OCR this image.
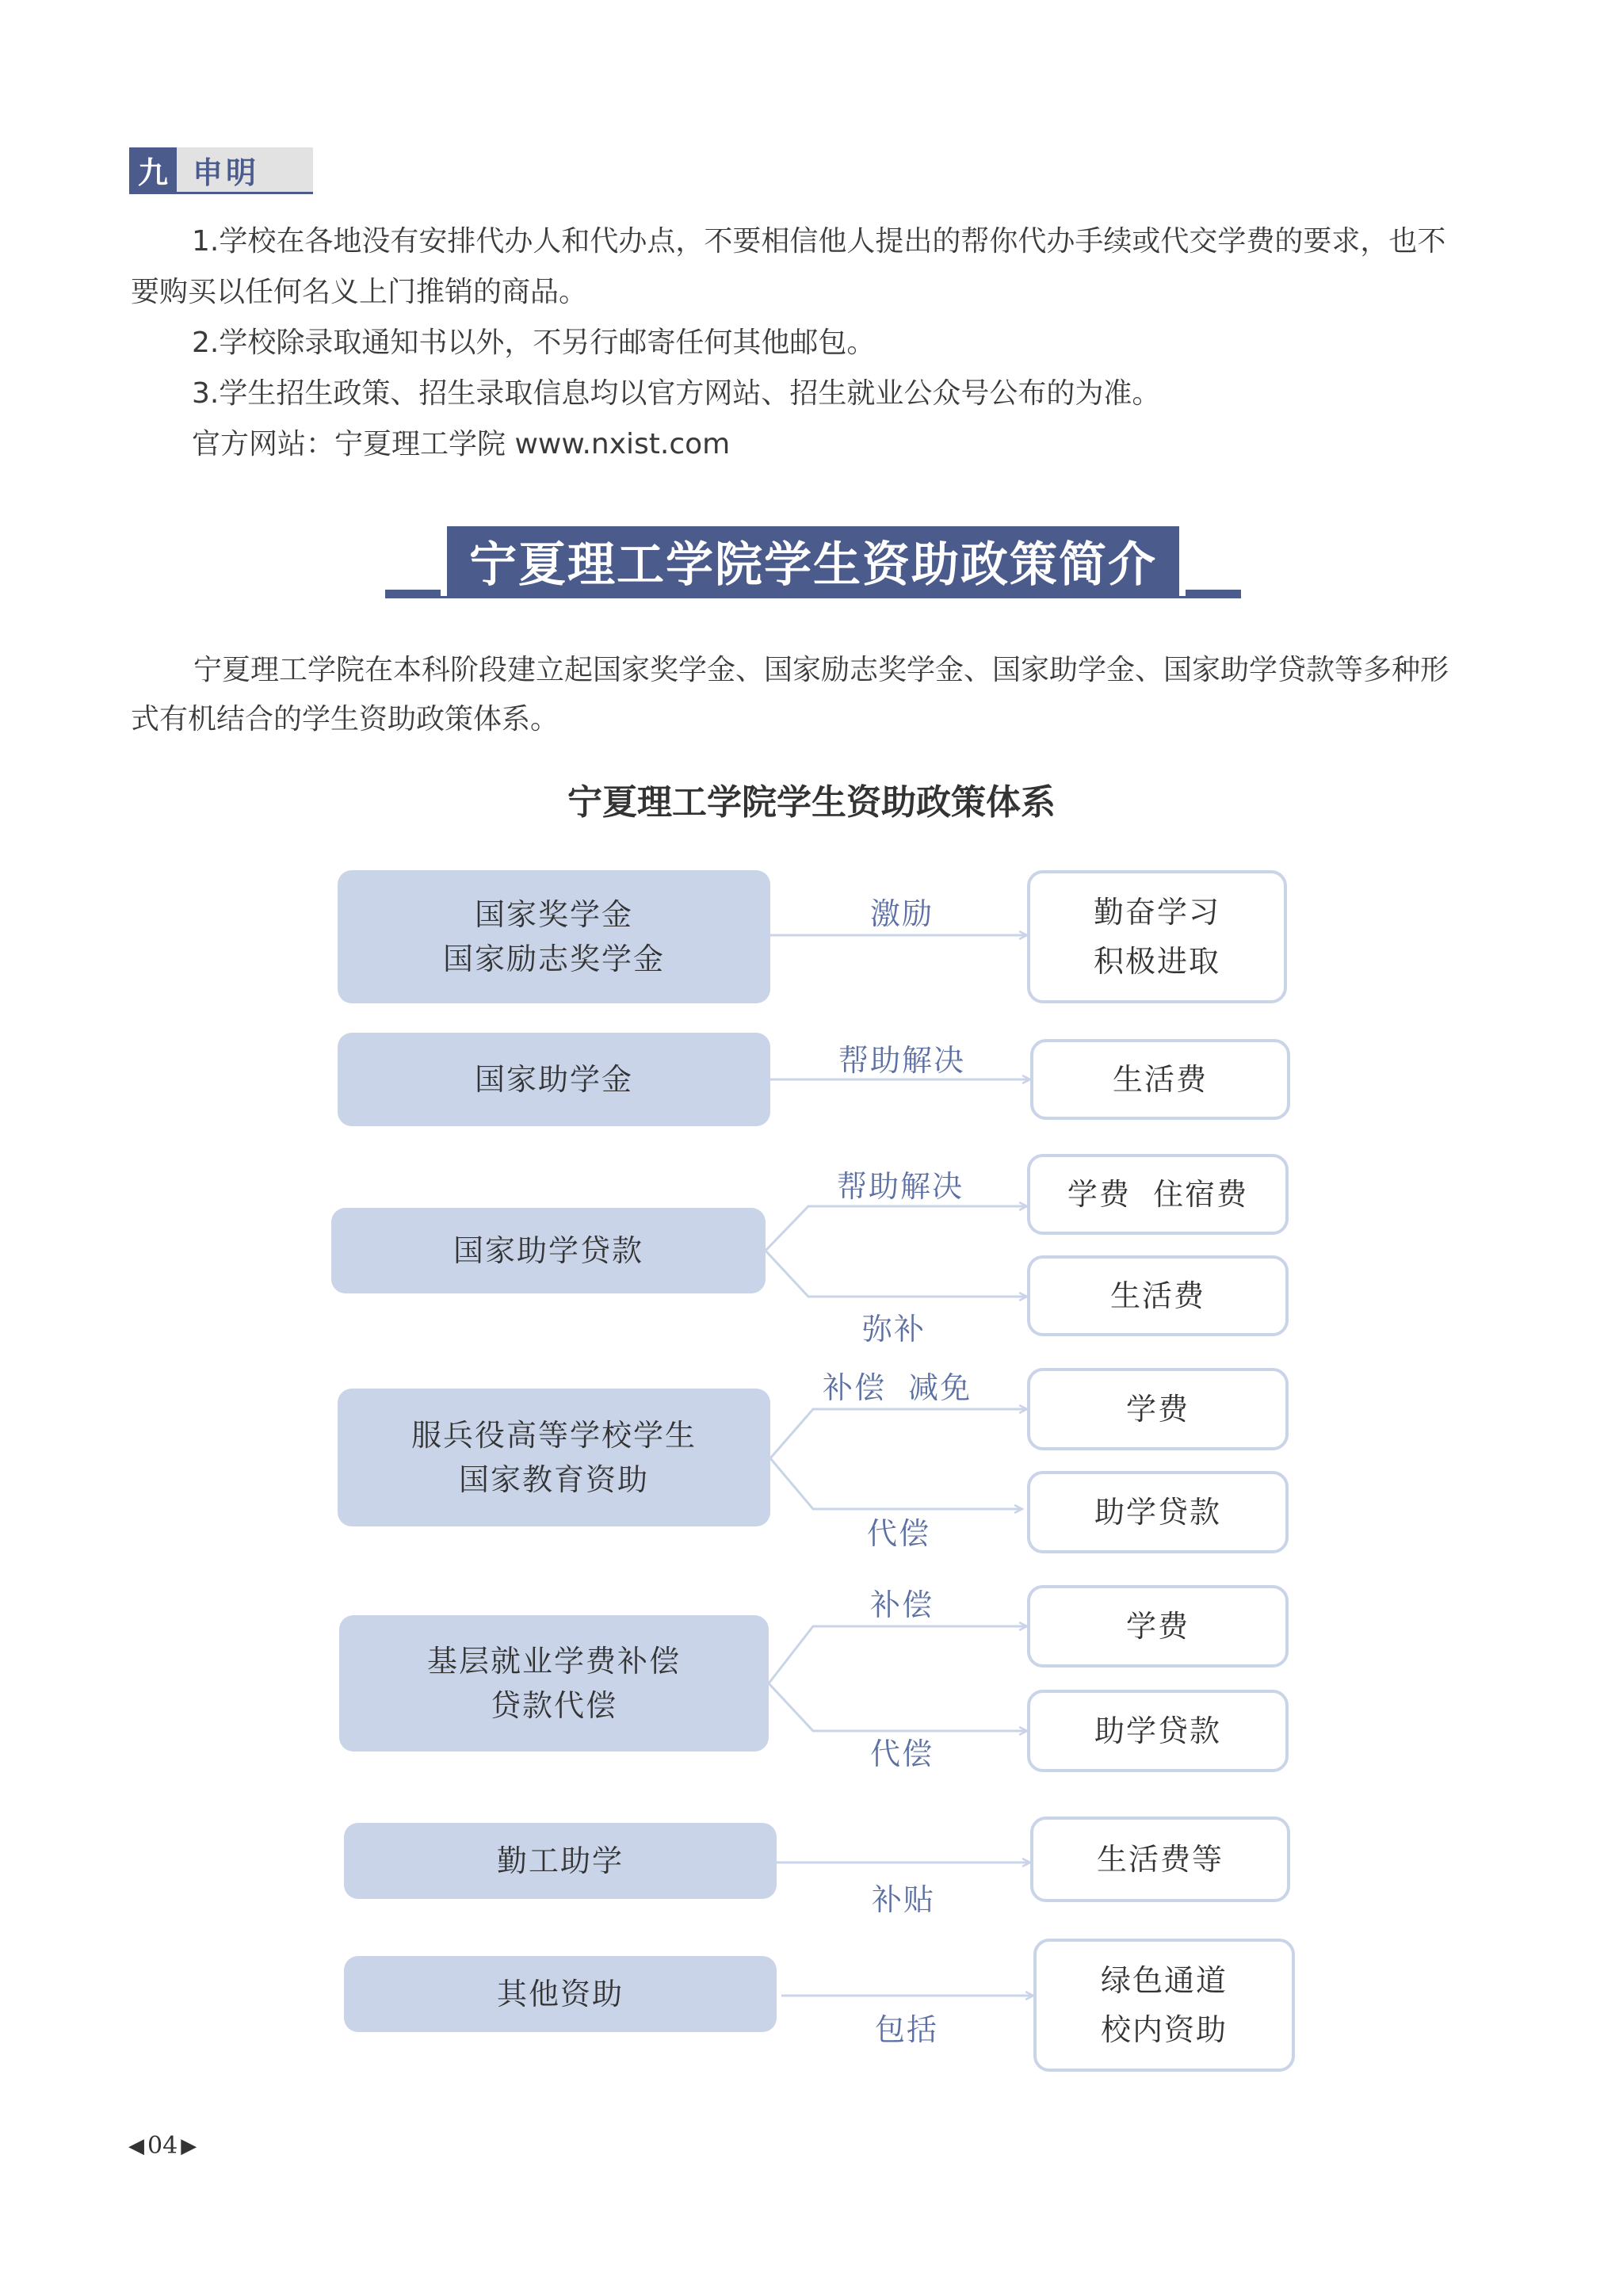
九 申明
1.学校在各地没有安排代办人和代办点，不要相信他人提出的帮你代办手续或代交学费的要求，也不
要购买以任何名义上门推销的商品。
2.学校除录取通知书以外，不另行邮寄任何其他邮包。
3.学生招生政策、招生录取信息均以官方网站、招生就业公众号公布的为准。
官方网站：宁夏理工学院 www.nxist.com
宁夏理工学院学生资助政策简介
宁夏理工学院在本科阶段建立起国家奖学金、国家励志奖学金、国家助学金、国家助学贷款等多种形
式有机结合的学生资助政策体系。
宁夏理工学院学生资助政策体系
国家奖学金
国家励志奖学金
激励	勤奋学习
积极进取
国家助学金
帮助解决
生活费
国家助学贷款
帮助解决	学费  住宿费
弥补
生活费
服兵役高等学校学生
国家教育资助
补偿  减免
学费
代偿
助学贷款
基层就业学费补偿
贷款代偿
补偿
学费
代偿
助学贷款
勤工助学
补贴
生活费等
其他资助
包括
绿色通道
校内资助
◀ 04 ▶
